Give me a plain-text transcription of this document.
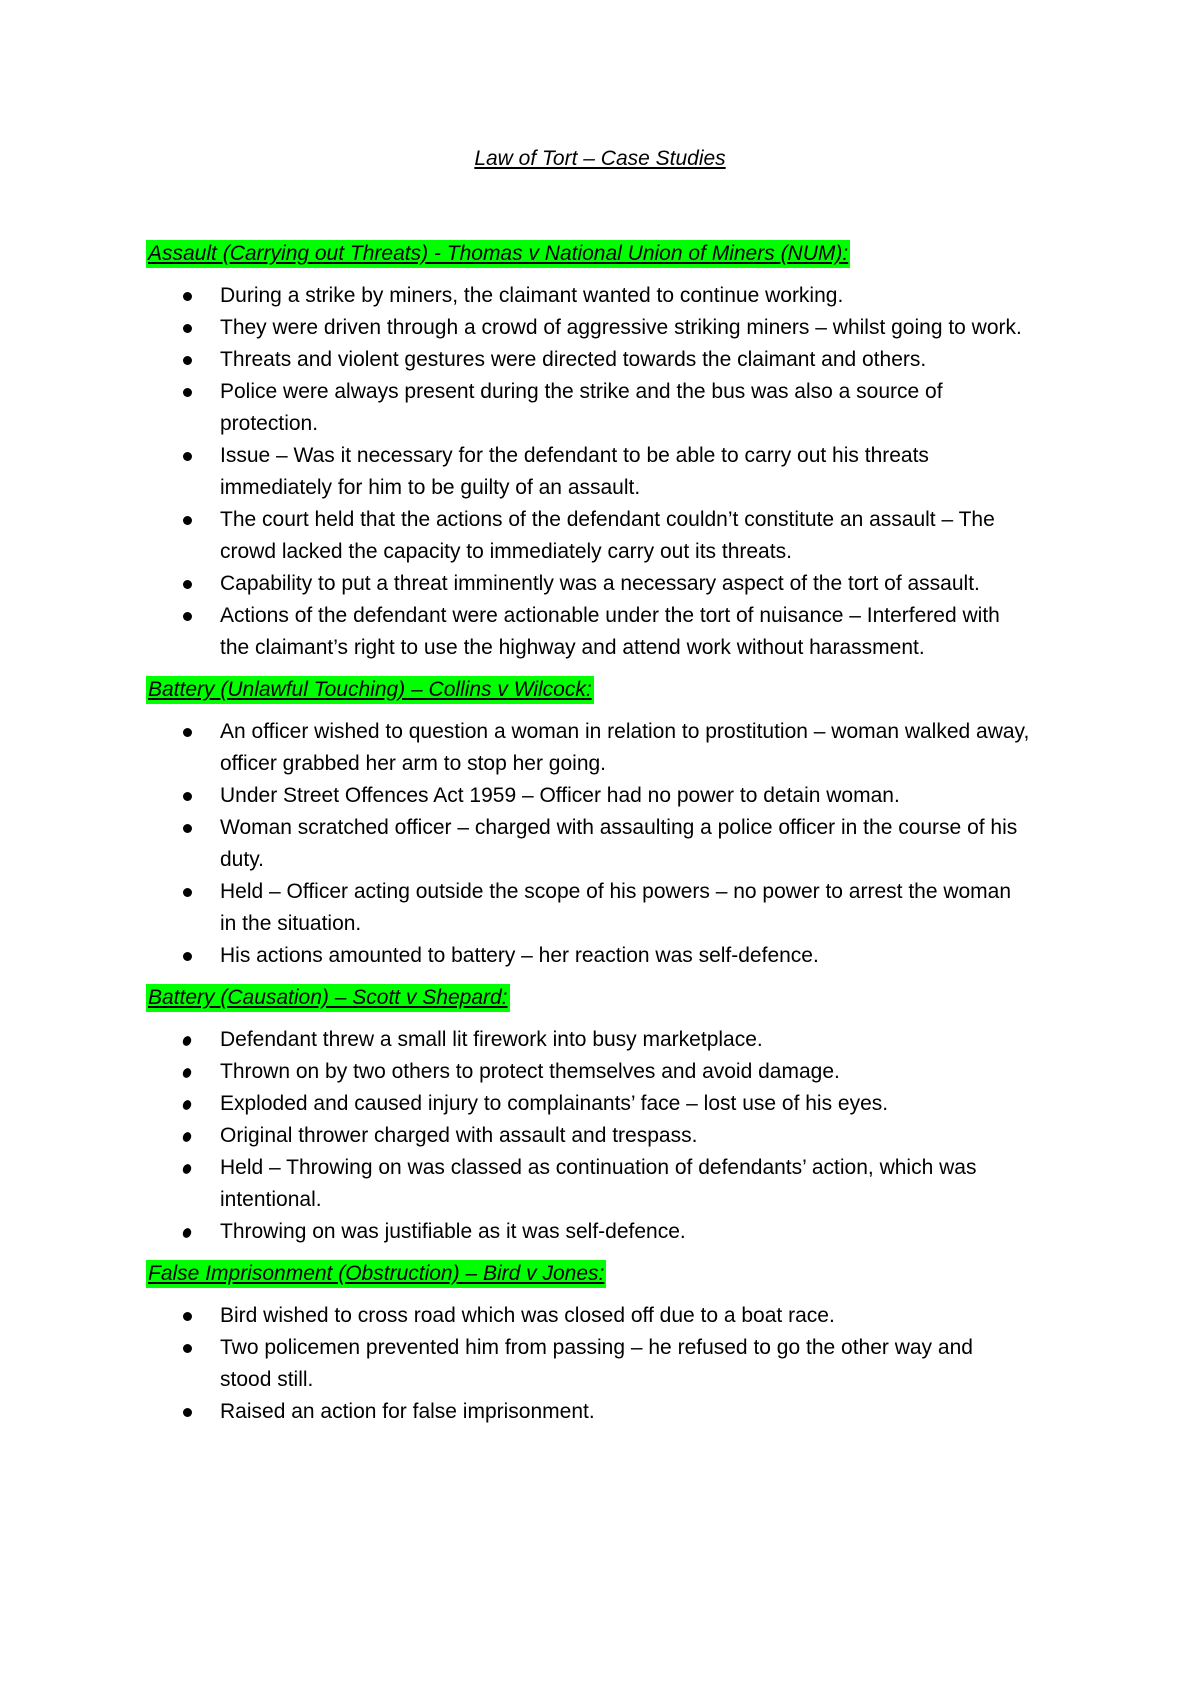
Law of Tort – Case Studies
Assault (Carrying out Threats) - Thomas v National Union of Miners (NUM):
During a strike by miners, the claimant wanted to continue working.
They were driven through a crowd of aggressive striking miners – whilst going to work.
Threats and violent gestures were directed towards the claimant and others.
Police were always present during the strike and the bus was also a source of protection.
Issue – Was it necessary for the defendant to be able to carry out his threats immediately for him to be guilty of an assault.
The court held that the actions of the defendant couldn’t constitute an assault – The crowd lacked the capacity to immediately carry out its threats.
Capability to put a threat imminently was a necessary aspect of the tort of assault.
Actions of the defendant were actionable under the tort of nuisance – Interfered with the claimant’s right to use the highway and attend work without harassment.
Battery (Unlawful Touching) – Collins v Wilcock:
An officer wished to question a woman in relation to prostitution – woman walked away, officer grabbed her arm to stop her going.
Under Street Offences Act 1959 – Officer had no power to detain woman.
Woman scratched officer – charged with assaulting a police officer in the course of his duty.
Held – Officer acting outside the scope of his powers – no power to arrest the woman in the situation.
His actions amounted to battery – her reaction was self-defence.
Battery (Causation) – Scott v Shepard:
Defendant threw a small lit firework into busy marketplace.
Thrown on by two others to protect themselves and avoid damage.
Exploded and caused injury to complainants’ face – lost use of his eyes.
Original thrower charged with assault and trespass.
Held – Throwing on was classed as continuation of defendants’ action, which was intentional.
Throwing on was justifiable as it was self-defence.
False Imprisonment (Obstruction) – Bird v Jones:
Bird wished to cross road which was closed off due to a boat race.
Two policemen prevented him from passing – he refused to go the other way and stood still.
Raised an action for false imprisonment.
